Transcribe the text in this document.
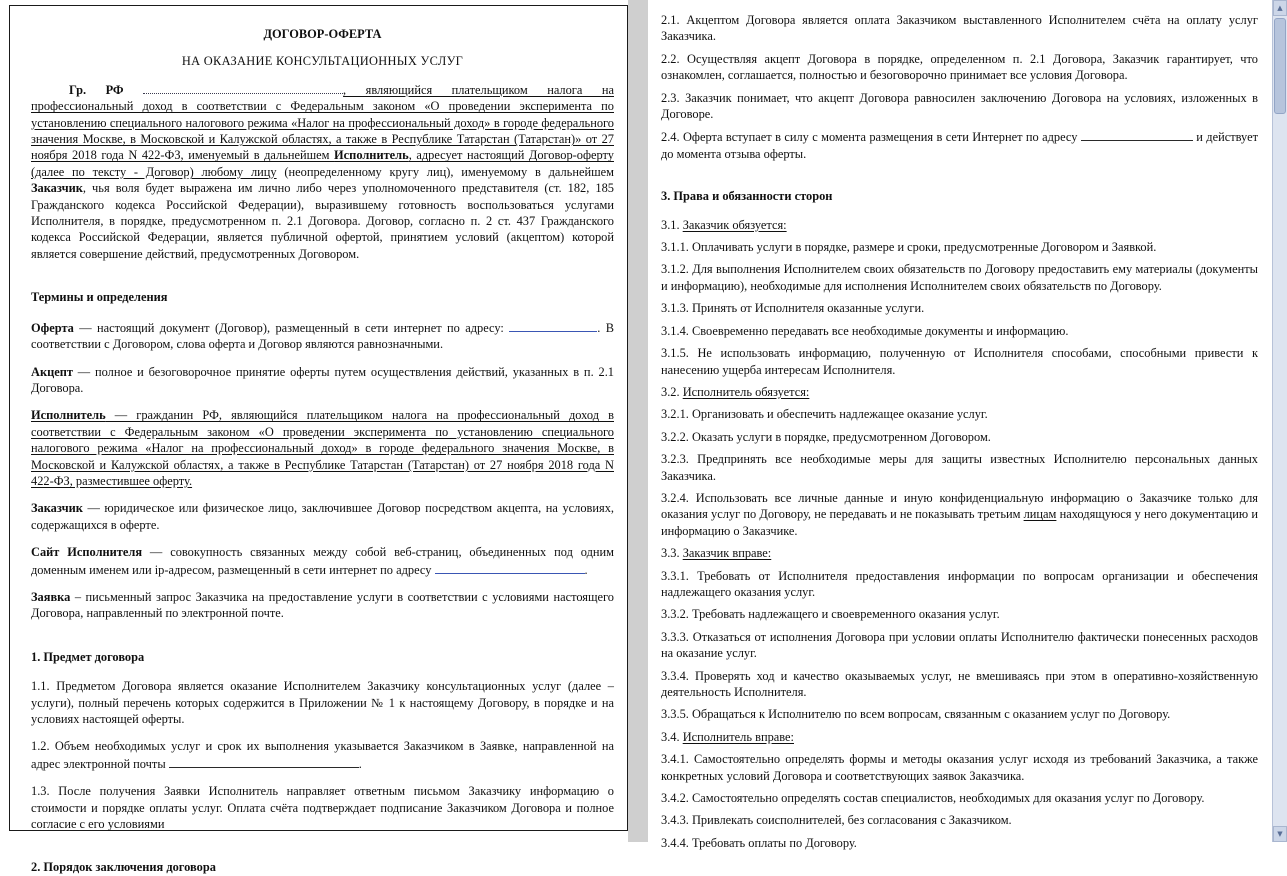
ДОГОВОР-ОФЕРТА
НА ОКАЗАНИЕ КОНСУЛЬТАЦИОННЫХ УСЛУГ
Гр. РФ	, являющийся плательщиком налога на профессиональный доход в соответствии с Федеральным законом «О проведении эксперимента по установлению специального налогового режима «Налог на профессиональный доход» в городе федерального значения Москве, в Московской и Калужской областях, а также в Республике Татарстан (Татарстан)» от 27 ноября 2018 года N 422-ФЗ, именуемый в дальнейшем Исполнитель, адресует настоящий Договор-оферту (далее по тексту - Договор) любому лицу (неопределенному кругу лиц), именуемому в дальнейшем Заказчик, чья воля будет выражена им лично либо через уполномоченного представителя (ст. 182, 185 Гражданского кодекса Российской Федерации), выразившему готовность воспользоваться услугами Исполнителя, в порядке, предусмотренном п. 2.1 Договора. Договор, согласно п. 2 ст. 437 Гражданского кодекса Российской Федерации, является публичной офертой, принятием условий (акцептом) которой является совершение действий, предусмотренных Договором.
Термины и определения
Оферта — настоящий документ (Договор), размещенный в сети интернет по адресу:	. В соответствии с Договором, слова оферта и Договор являются равнозначными.
Акцепт — полное и безоговорочное принятие оферты путем осуществления действий, указанных в п. 2.1 Договора.
Исполнитель — гражданин РФ, являющийся плательщиком налога на профессиональный доход в соответствии с Федеральным законом «О проведении эксперимента по установлению специального налогового режима «Налог на профессиональный доход» в городе федерального значения Москве, в Московской и Калужской областях, а также в Республике Татарстан (Татарстан) от 27 ноября 2018 года N 422-ФЗ, разместившее оферту.
Заказчик — юридическое или физическое лицо, заключившее Договор посредством акцепта, на условиях, содержащихся в оферте.
Сайт Исполнителя — совокупность связанных между собой веб-страниц, объединенных под одним доменным именем или ip-адресом, размещенный в сети интернет по адресу	.
Заявка – письменный запрос Заказчика на предоставление услуги в соответствии с условиями настоящего Договора, направленный по электронной почте.
1. Предмет договора
1.1. Предметом Договора является оказание Исполнителем Заказчику консультационных услуг (далее – услуги), полный перечень которых содержится в Приложении № 1 к настоящему Договору, в порядке и на условиях настоящей оферты.
1.2. Объем необходимых услуг и срок их выполнения указывается Заказчиком в Заявке, направленной на адрес электронной почты	.
1.3. После получения Заявки Исполнитель направляет ответным письмом Заказчику информацию о стоимости и порядке оплаты услуг. Оплата счёта подтверждает подписание Заказчиком Договора и полное согласие с его условиями
2. Порядок заключения договора
2.1. Акцептом Договора является оплата Заказчиком выставленного Исполнителем счёта на оплату услуг Заказчика.
2.2. Осуществляя акцепт Договора в порядке, определенном п. 2.1 Договора, Заказчик гарантирует, что ознакомлен, соглашается, полностью и безоговорочно принимает все условия Договора.
2.3. Заказчик понимает, что акцепт Договора равносилен заключению Договора на условиях, изложенных в Договоре.
2.4. Оферта вступает в силу с момента размещения в сети Интернет по адресу	и действует до момента отзыва оферты.
3. Права и обязанности сторон
3.1. Заказчик обязуется:
3.1.1. Оплачивать услуги в порядке, размере и сроки, предусмотренные Договором и Заявкой.
3.1.2. Для выполнения Исполнителем своих обязательств по Договору предоставить ему материалы (документы и информацию), необходимые для исполнения Исполнителем своих обязательств по Договору.
3.1.3. Принять от Исполнителя оказанные услуги.
3.1.4. Своевременно передавать все необходимые документы и информацию.
3.1.5. Не использовать информацию, полученную от Исполнителя способами, способными привести к нанесению ущерба интересам Исполнителя.
3.2. Исполнитель обязуется:
3.2.1. Организовать и обеспечить надлежащее оказание услуг.
3.2.2. Оказать услуги в порядке, предусмотренном Договором.
3.2.3. Предпринять все необходимые меры для защиты известных Исполнителю персональных данных Заказчика.
3.2.4. Использовать все личные данные и иную конфиденциальную информацию о Заказчике только для оказания услуг по Договору, не передавать и не показывать третьим лицам находящуюся у него документацию и информацию о Заказчике.
3.3. Заказчик вправе:
3.3.1. Требовать от Исполнителя предоставления информации по вопросам организации и обеспечения надлежащего оказания услуг.
3.3.2. Требовать надлежащего и своевременного оказания услуг.
3.3.3. Отказаться от исполнения Договора при условии оплаты Исполнителю фактически понесенных расходов на оказание услуг.
3.3.4. Проверять ход и качество оказываемых услуг, не вмешиваясь при этом в оперативно-хозяйственную деятельность Исполнителя.
3.3.5. Обращаться к Исполнителю по всем вопросам, связанным с оказанием услуг по Договору.
3.4. Исполнитель вправе:
3.4.1. Самостоятельно определять формы и методы оказания услуг исходя из требований Заказчика, а также конкретных условий Договора и соответствующих заявок Заказчика.
3.4.2. Самостоятельно определять состав специалистов, необходимых для оказания услуг по Договору.
3.4.3. Привлекать соисполнителей, без согласования с Заказчиком.
3.4.4. Требовать оплаты по Договору.
▲
▼
